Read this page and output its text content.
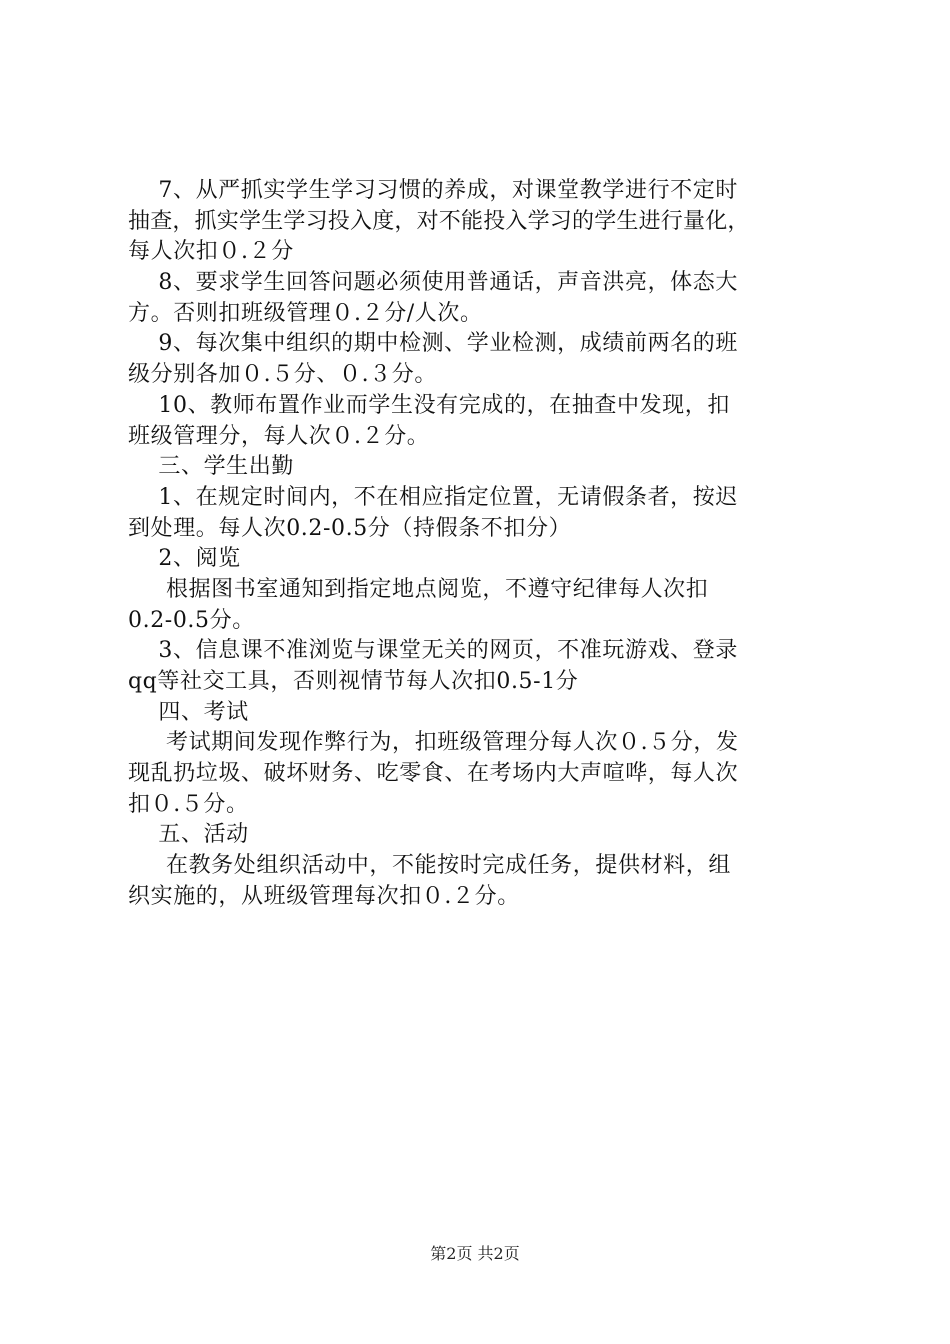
7、从严抓实学生学习习惯的养成，对课堂教学进行不定时
抽查，抓实学生学习投入度，对不能投入学习的学生进行量化，
每人次扣０.２分
8、要求学生回答问题必须使用普通话，声音洪亮，体态大
方。否则扣班级管理０.２分/人次。
9、每次集中组织的期中检测、学业检测，成绩前两名的班
级分别各加０.５分、０.３分。
10、教师布置作业而学生没有完成的，在抽查中发现，扣
班级管理分，每人次０.２分。
三、学生出勤
1、在规定时间内，不在相应指定位置，无请假条者，按迟
到处理。每人次0.2-0.5分（持假条不扣分）
2、阅览
根据图书室通知到指定地点阅览，不遵守纪律每人次扣
0.2-0.5分。
3、信息课不准浏览与课堂无关的网页，不准玩游戏、登录
qq等社交工具，否则视情节每人次扣0.5-1分
四、考试
考试期间发现作弊行为，扣班级管理分每人次０.５分，发
现乱扔垃圾、破坏财务、吃零食、在考场内大声喧哗，每人次
扣０.５分。
五、活动
在教务处组织活动中，不能按时完成任务，提供材料，组
织实施的，从班级管理每次扣０.２分。
第2页 共2页
